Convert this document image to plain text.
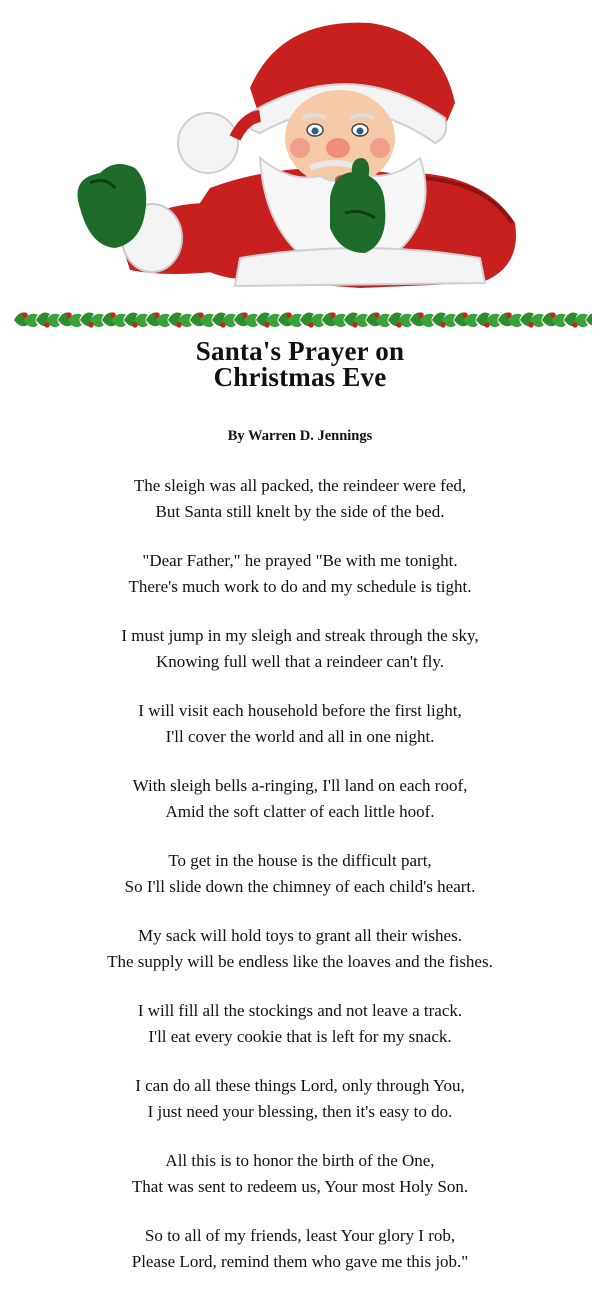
Santa's Prayer on
Christmas Eve
By Warren D. Jennings
The sleigh was all packed, the reindeer were fed,
But Santa still knelt by the side of the bed.
"Dear Father," he prayed "Be with me tonight.
There's much work to do and my schedule is tight.
I must jump in my sleigh and streak through the sky,
Knowing full well that a reindeer can't fly.
I will visit each household before the first light,
I'll cover the world and all in one night.
With sleigh bells a-ringing, I'll land on each roof,
Amid the soft clatter of each little hoof.
To get in the house is the difficult part,
So I'll slide down the chimney of each child's heart.
My sack will hold toys to grant all their wishes.
The supply will be endless like the loaves and the fishes.
I will fill all the stockings and not leave a track.
I'll eat every cookie that is left for my snack.
I can do all these things Lord, only through You,
I just need your blessing, then it's easy to do.
All this is to honor the birth of the One,
That was sent to redeem us, Your most Holy Son.
So to all of my friends, least Your glory I rob,
Please Lord, remind them who gave me this job."
